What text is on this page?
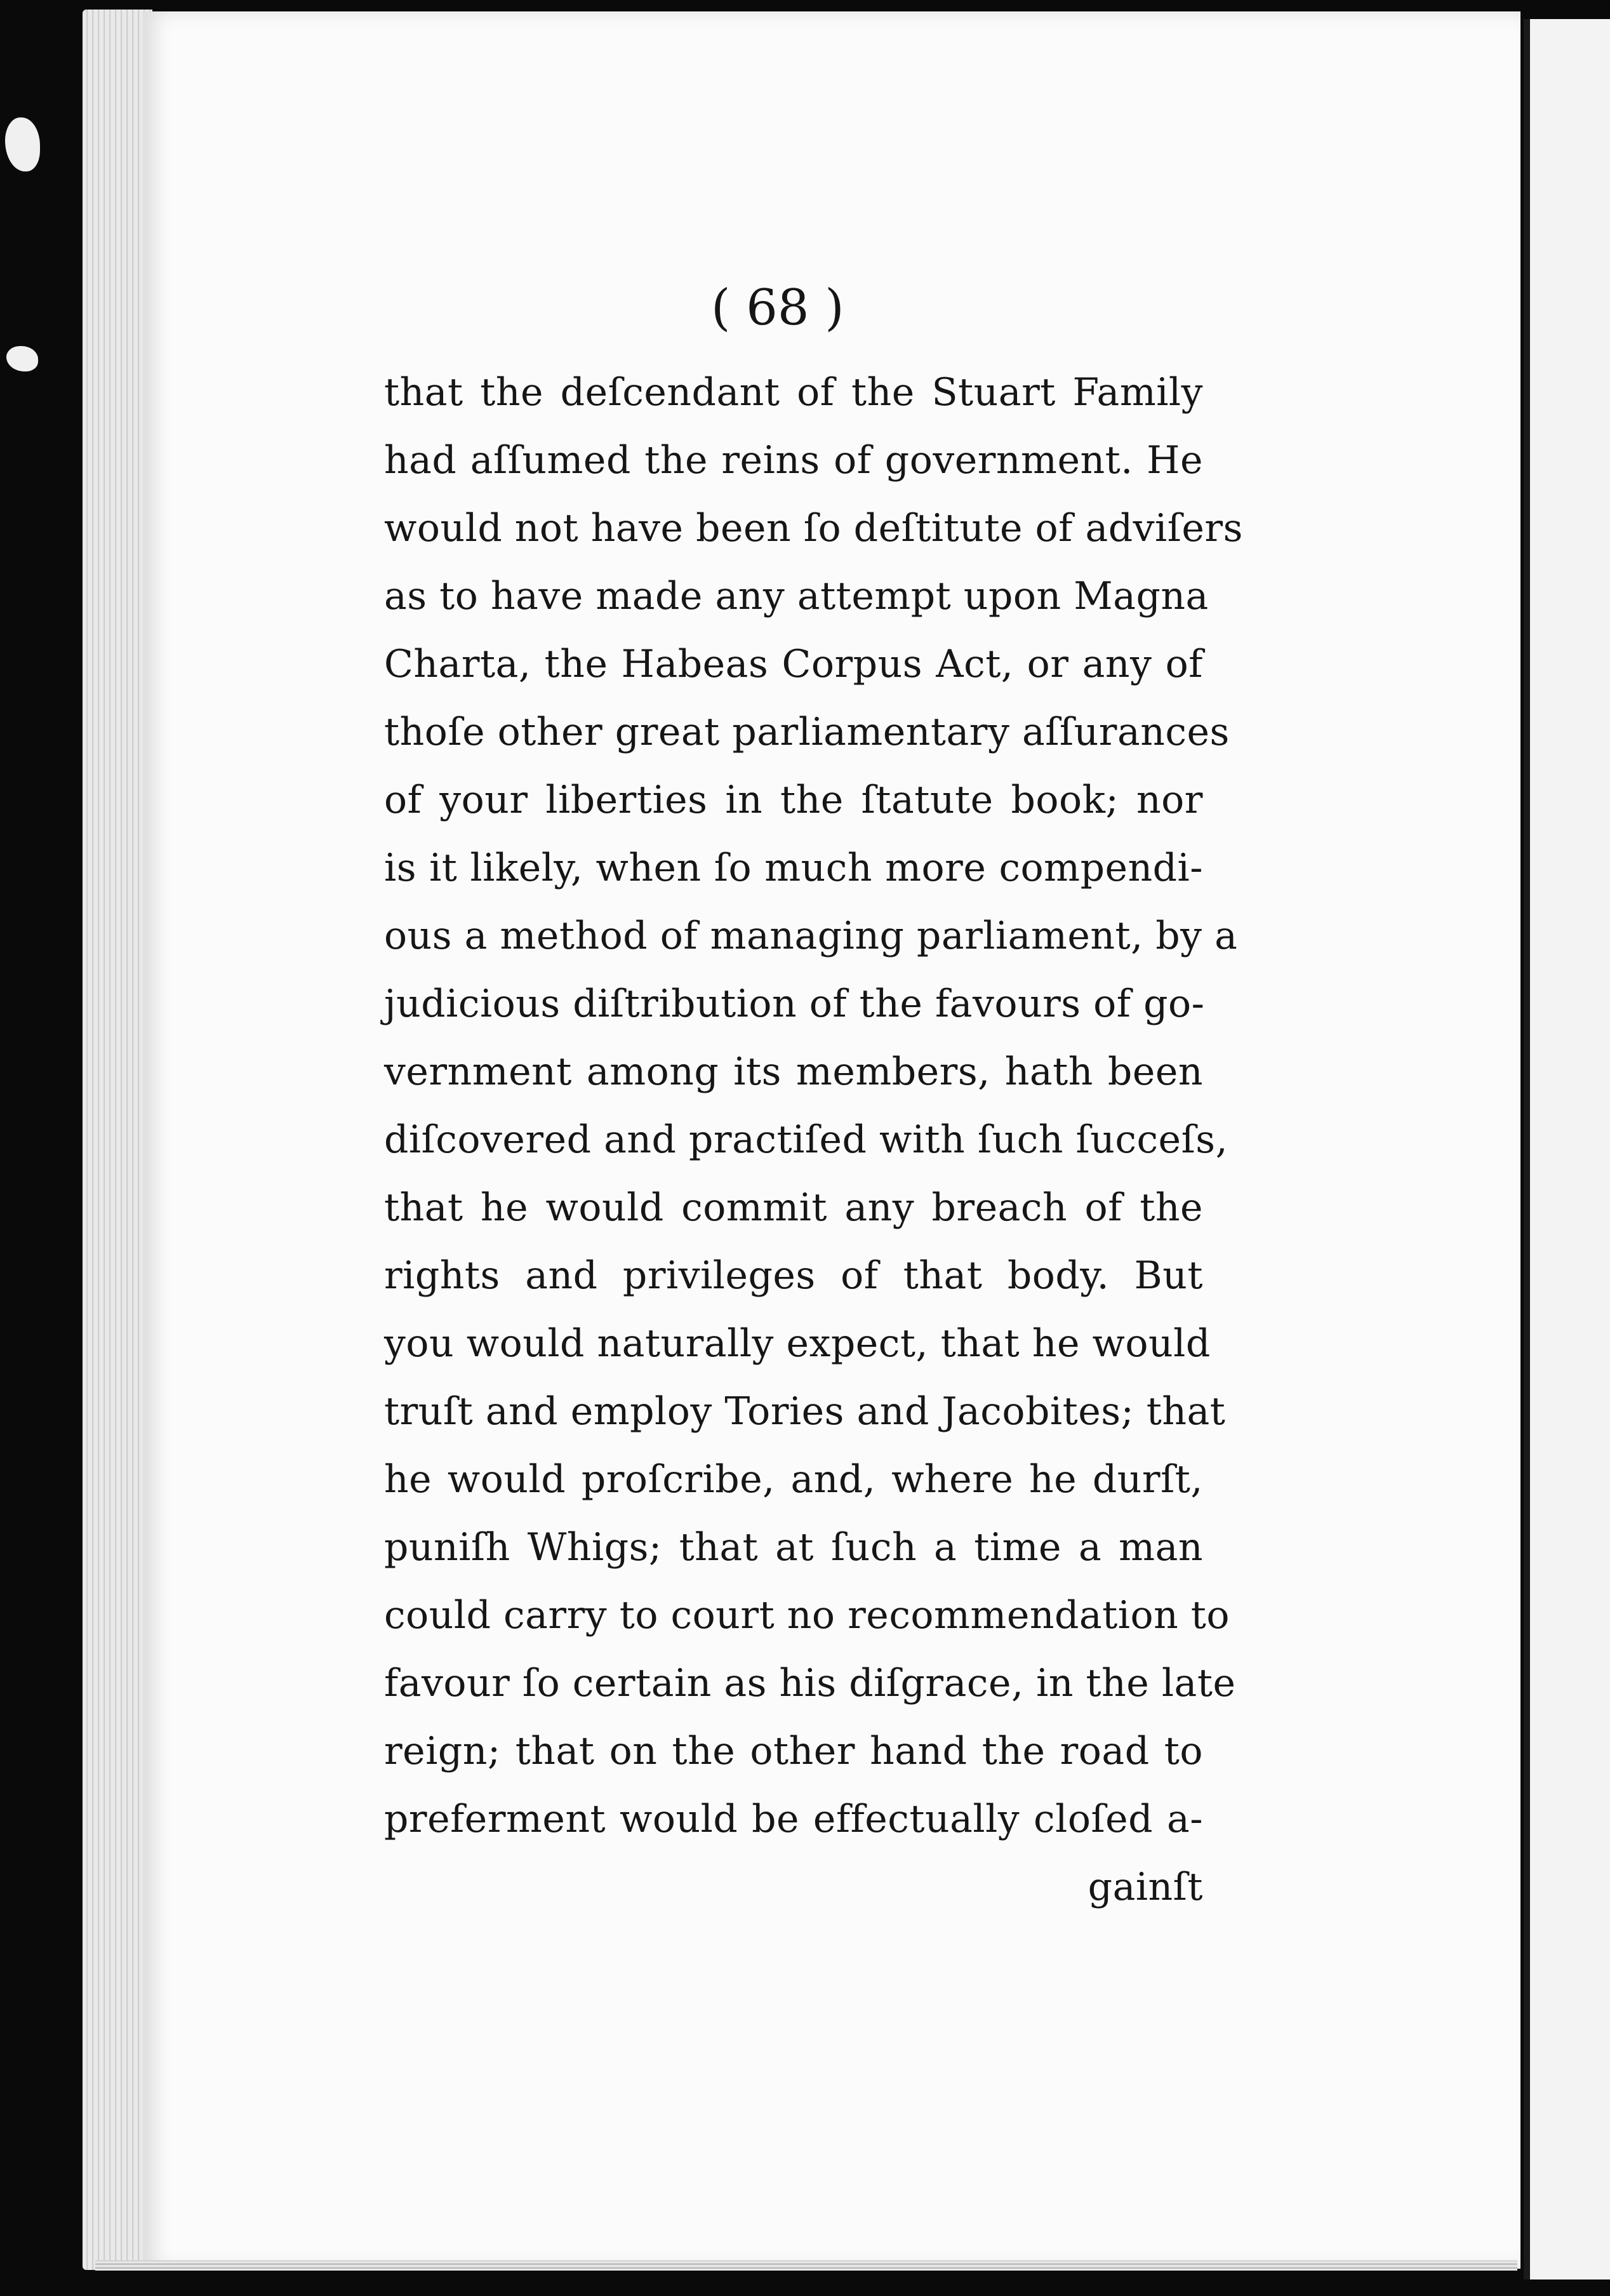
( 68 )
that the deſcendant of the Stuart Family
had aſſumed the reins of government. He
would not have been ſo deſtitute of adviſers
as to have made any attempt upon Magna
Charta, the Habeas Corpus Act, or any of
thoſe other great parliamentary aſſurances
of your liberties in the ſtatute book; nor
is it likely, when ſo much more compendi-
ous a method of managing parliament, by a
judicious diſtribution of the favours of go-
vernment among its members, hath been
diſcovered and practiſed with ſuch ſucceſs,
that he would commit any breach of the
rights and privileges of that body. But
you would naturally expect, that he would
truſt and employ Tories and Jacobites; that
he would proſcribe, and, where he durſt,
puniſh Whigs; that at ſuch a time a man
could carry to court no recommendation to
favour ſo certain as his diſgrace, in the late
reign; that on the other hand the road to
preferment would be effectually cloſed a-
gainſt
